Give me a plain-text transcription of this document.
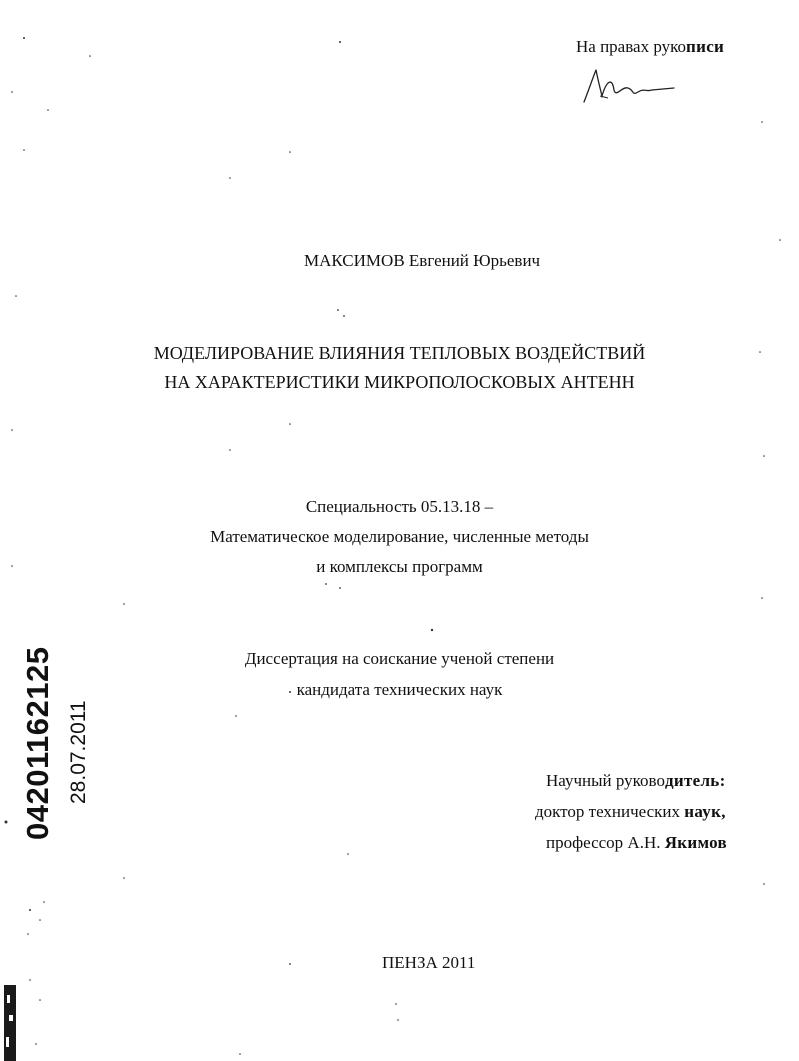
На правах рукописи
МАКСИМОВ Евгений Юрьевич
МОДЕЛИРОВАНИЕ ВЛИЯНИЯ ТЕПЛОВЫХ ВОЗДЕЙСТВИЙ
НА ХАРАКТЕРИСТИКИ МИКРОПОЛОСКОВЫХ АНТЕНН
Специальность 05.13.18 –
Математическое моделирование, численные методы
и комплексы программ
Диссертация на соискание ученой степени
кандидата технических наук
Научный руководитель:
доктор технических наук,
профессор А.Н. Якимов
ПЕНЗА 2011
04201162125 28.07.2011
